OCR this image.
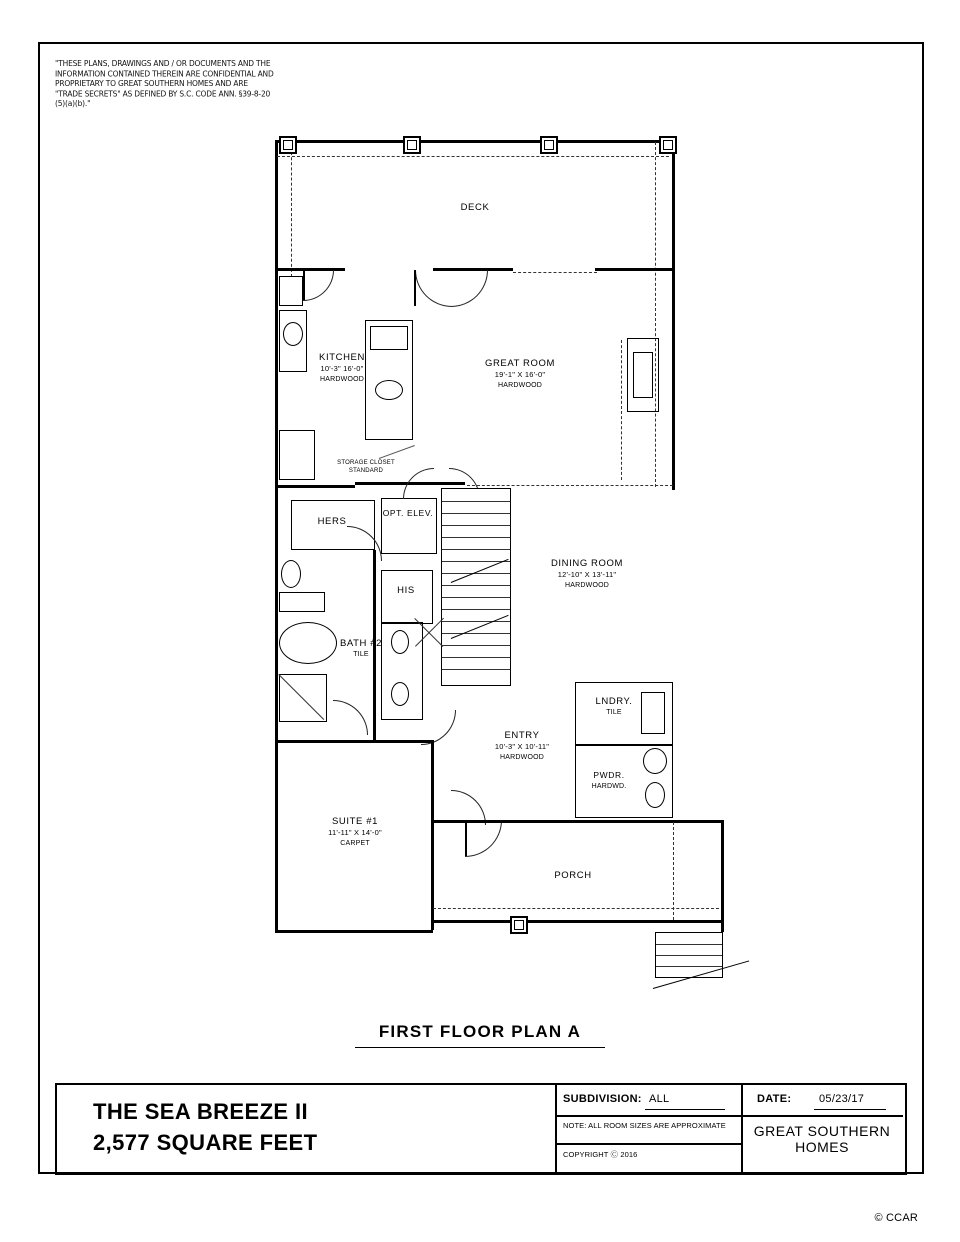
"THESE PLANS, DRAWINGS AND / OR DOCUMENTS AND THE INFORMATION CONTAINED THEREIN ARE CONFIDENTIAL AND PROPRIETARY TO GREAT SOUTHERN HOMES AND ARE "TRADE SECRETS" AS DEFINED BY S.C. CODE ANN. §39-8-20 (5)(a)(b)."
DECK
KITCHEN
10'-3" 16'-0"
HARDWOOD
GREAT ROOM
19'-1" X 16'-0"
HARDWOOD
STORAGE CLOSET STANDARD
HERS
OPT. ELEV.
HIS
DINING ROOM
12'-10" X 13'-11"
HARDWOOD
BATH #2
TILE
ENTRY
10'-3" X 10'-11"
HARDWOOD
LNDRY.
TILE
PWDR.
HARDWD.
SUITE #1
11'-11" X 14'-0"
CARPET
PORCH
FIRST FLOOR PLAN A
THE SEA BREEZE II
2,577 SQUARE FEET
SUBDIVISION: ALL	DATE:	05/23/17
NOTE: ALL ROOM SIZES ARE APPROXIMATE
COPYRIGHT Ⓒ 2016
GREAT SOUTHERN HOMES
© CCAR
